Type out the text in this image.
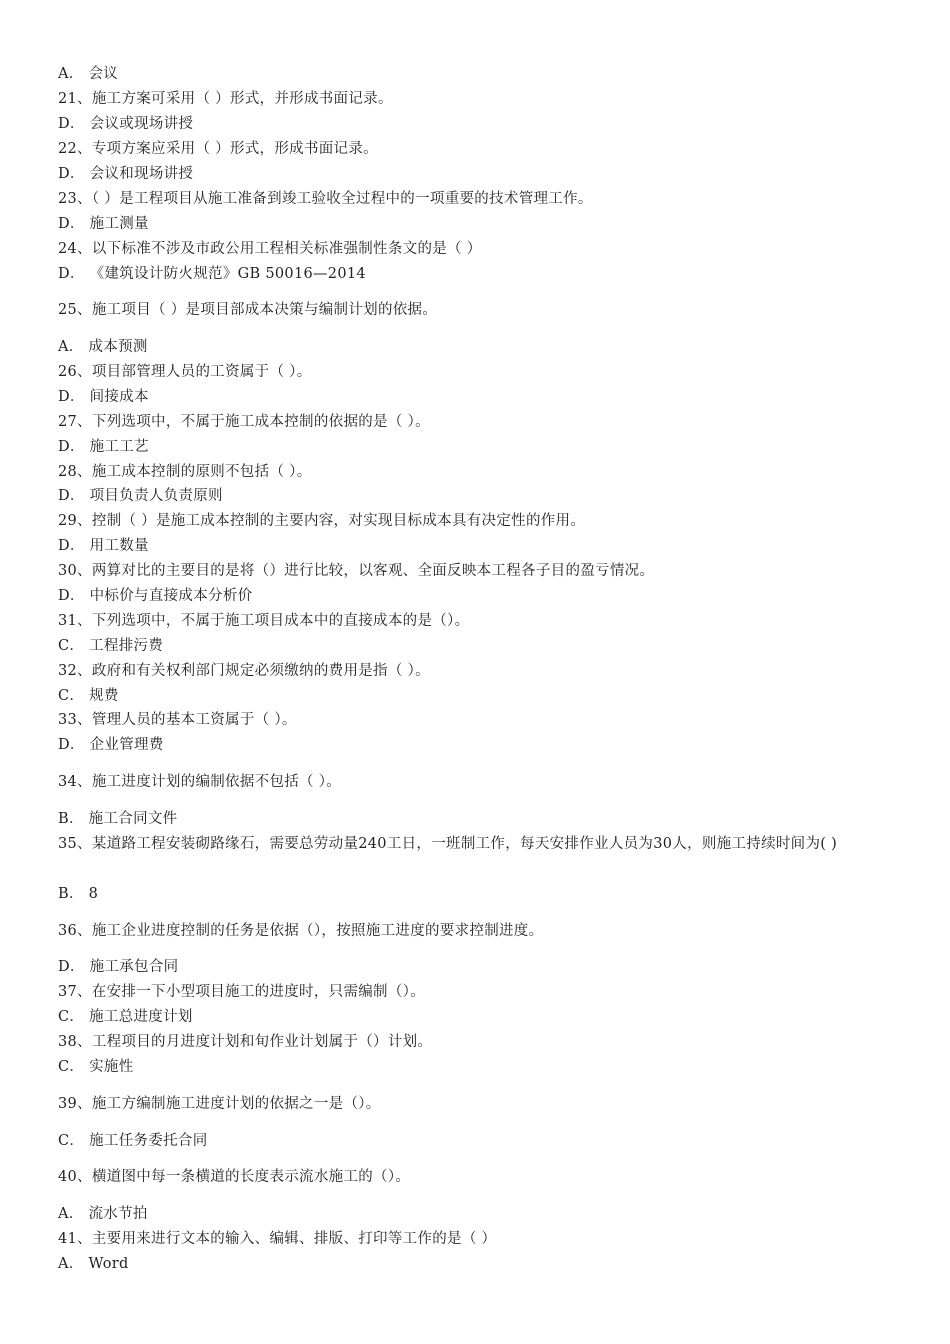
A． 会议
21、施工方案可采用（ ）形式，并形成书面记录。
D． 会议或现场讲授
22、专项方案应采用（ ）形式，形成书面记录。
D． 会议和现场讲授
23、（ ）是工程项目从施工准备到竣工验收全过程中的一项重要的技术管理工作。
D． 施工测量
24、以下标准不涉及市政公用工程相关标准强制性条文的是（ ）
D． 《建筑设计防火规范》GB 50016—2014
25、施工项目（ ）是项目部成本决策与编制计划的依据。
A． 成本预测
26、项目部管理人员的工资属于（ ）。
D． 间接成本
27、下列选项中，不属于施工成本控制的依据的是（ ）。
D． 施工工艺
28、施工成本控制的原则不包括（ ）。
D． 项目负责人负责原则
29、控制（ ）是施工成本控制的主要内容，对实现目标成本具有决定性的作用。
D． 用工数量
30、两算对比的主要目的是将（）进行比较，以客观、全面反映本工程各子目的盈亏情况。
D． 中标价与直接成本分析价
31、下列选项中，不属于施工项目成本中的直接成本的是（）。
C． 工程排污费
32、政府和有关权利部门规定必须缴纳的费用是指（ ）。
C． 规费
33、管理人员的基本工资属于（ ）。
D． 企业管理费
34、施工进度计划的编制依据不包括（ ）。
B． 施工合同文件
35、某道路工程安装砌路缘石，需要总劳动量240工日，一班制工作，每天安排作业人员为30人，则施工持续时间为( )
B． 8
36、施工企业进度控制的任务是依据（），按照施工进度的要求控制进度。
D． 施工承包合同
37、在安排一下小型项目施工的进度时，只需编制（）。
C． 施工总进度计划
38、工程项目的月进度计划和旬作业计划属于（）计划。
C． 实施性
39、施工方编制施工进度计划的依据之一是（）。
C． 施工任务委托合同
40、横道图中每一条横道的长度表示流水施工的（）。
A． 流水节拍
41、主要用来进行文本的输入、编辑、排版、打印等工作的是（ ）
A． Word
